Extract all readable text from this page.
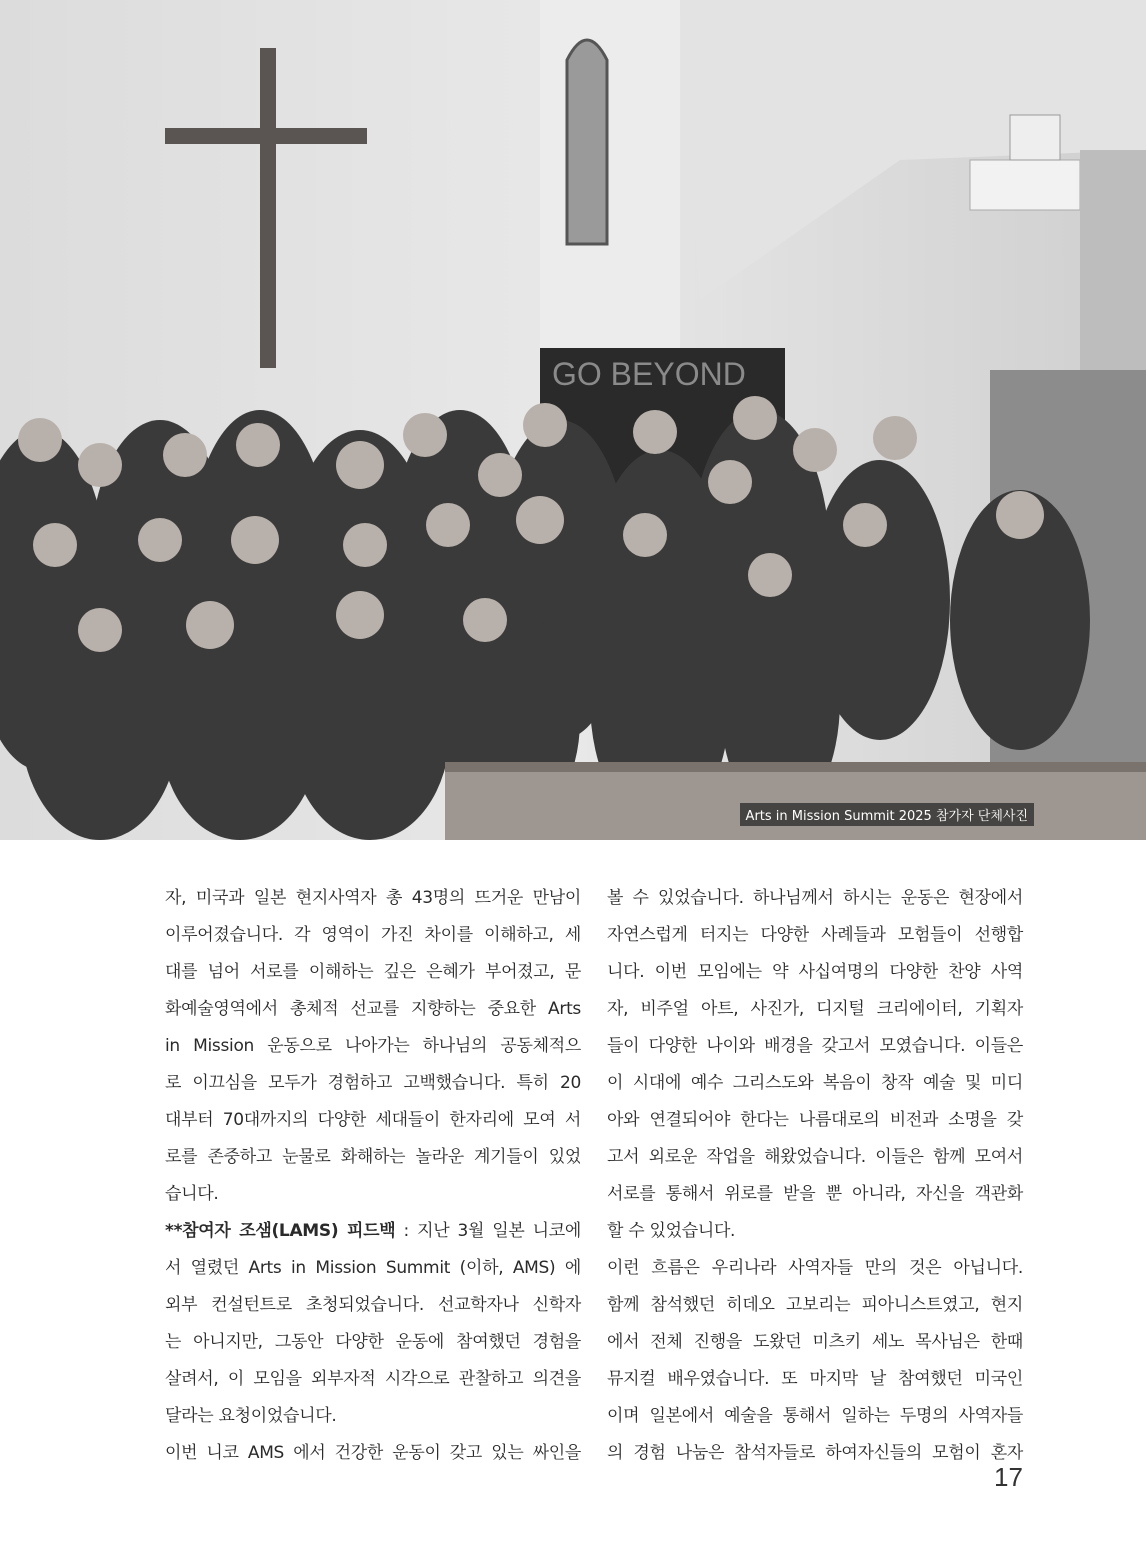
GO BEYOND
Arts in Mission Summit 2025 참가자 단체사진
자, 미국과 일본 현지사역자 총 43명의 뜨거운 만남이
이루어졌습니다. 각 영역이 가진 차이를 이해하고, 세
대를 넘어 서로를 이해하는 깊은 은혜가 부어졌고, 문
화예술영역에서 총체적 선교를 지향하는 중요한 Arts
in Mission 운동으로 나아가는 하나님의 공동체적으
로 이끄심을 모두가 경험하고 고백했습니다. 특히 20
대부터 70대까지의 다양한 세대들이 한자리에 모여 서
로를 존중하고 눈물로 화해하는 놀라운 계기들이 있었
습니다.
**참여자 조샘(LAMS) 피드백 : 지난 3월 일본 니코에
서 열렸던 Arts in Mission Summit (이하, AMS) 에
외부 컨설턴트로 초청되었습니다. 선교학자나 신학자
는 아니지만, 그동안 다양한 운동에 참여했던 경험을
살려서, 이 모임을 외부자적 시각으로 관찰하고 의견을
달라는 요청이었습니다.
이번 니코 AMS 에서 건강한 운동이 갖고 있는 싸인을
볼 수 있었습니다. 하나님께서 하시는 운동은 현장에서
자연스럽게 터지는 다양한 사례들과 모험들이 선행합
니다. 이번 모임에는 약 사십여명의 다양한 찬양 사역
자, 비주얼 아트, 사진가, 디지털 크리에이터, 기획자
들이 다양한 나이와 배경을 갖고서 모였습니다. 이들은
이 시대에 예수 그리스도와 복음이 창작 예술 및 미디
아와 연결되어야 한다는 나름대로의 비전과 소명을 갖
고서 외로운 작업을 해왔었습니다. 이들은 함께 모여서
서로를 통해서 위로를 받을 뿐 아니라, 자신을 객관화
할 수 있었습니다.
이런 흐름은 우리나라 사역자들 만의 것은 아닙니다.
함께 참석했던 히데오 고보리는 피아니스트였고, 현지
에서 전체 진행을 도왔던 미츠키 세노 목사님은 한때
뮤지컬 배우였습니다. 또 마지막 날 참여했던 미국인
이며 일본에서 예술을 통해서 일하는 두명의 사역자들
의 경험 나눔은 참석자들로 하여자신들의 모험이 혼자
17
